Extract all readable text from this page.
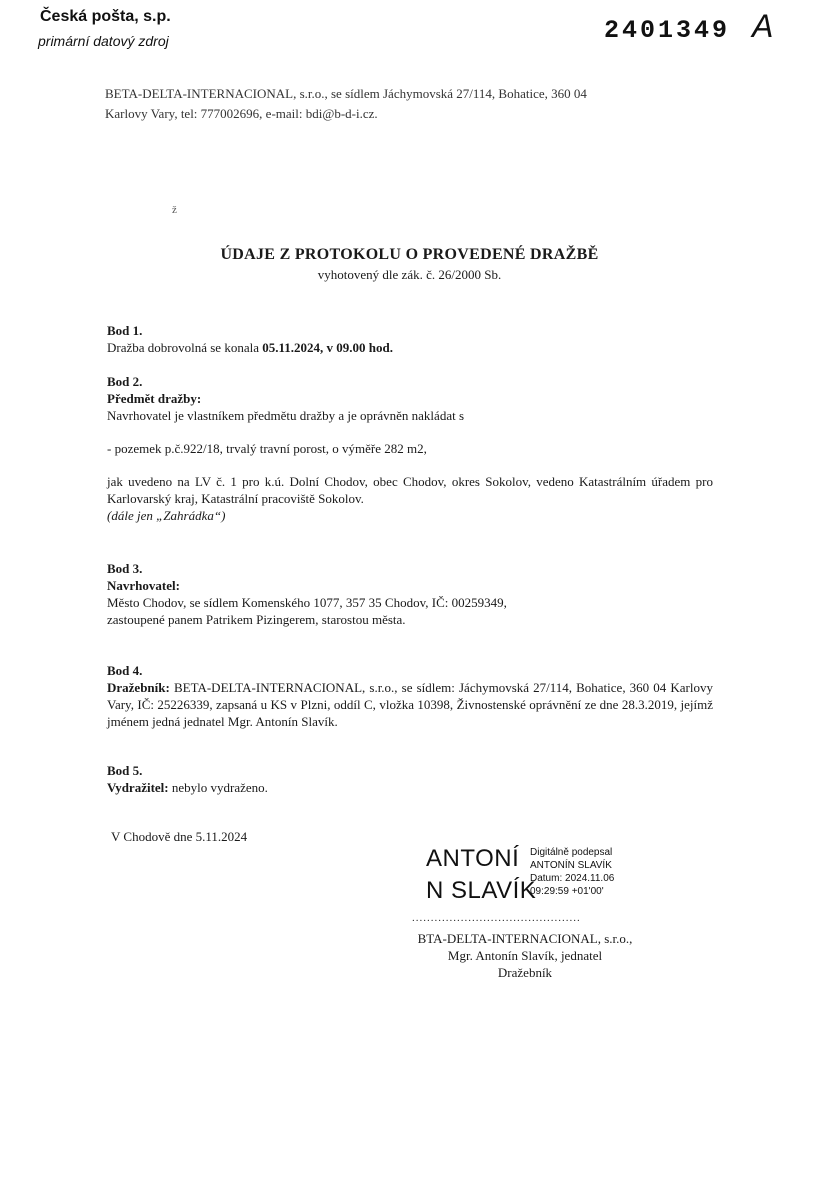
Česká pošta, s.p.
primární datový zdroj	2401349 A
BETA-DELTA-INTERNACIONAL, s.r.o., se sídlem Jáchymovská 27/114, Bohatice, 360 04
Karlovy Vary, tel: 777002696, e-mail: bdi@b-d-i.cz.
ž
ÚDAJE Z PROTOKOLU O PROVEDENÉ DRAŽBĚ
vyhotovený dle zák. č. 26/2000 Sb.
Bod 1.
Dražba dobrovolná se konala 05.11.2024, v 09.00 hod.
Bod 2.
Předmět dražby:
Navrhovatel je vlastníkem předmětu dražby a je oprávněn nakládat s
- pozemek p.č.922/18, trvalý travní porost, o výměře 282 m2,
jak uvedeno na LV č. 1 pro k.ú. Dolní Chodov, obec Chodov, okres Sokolov, vedeno Katastrálním úřadem pro Karlovarský kraj, Katastrální pracoviště Sokolov.
(dále jen „Zahrádka“)
Bod 3.
Navrhovatel:
Město Chodov, se sídlem Komenského 1077, 357 35 Chodov, IČ: 00259349,
zastoupené panem Patrikem Pizingerem, starostou města.
Bod 4.
Dražebník: BETA-DELTA-INTERNACIONAL, s.r.o., se sídlem: Jáchymovská 27/114, Bohatice, 360 04 Karlovy Vary, IČ: 25226339, zapsaná u KS v Plzni, oddíl C, vložka 10398, Živnostenské oprávnění ze dne 28.3.2019, jejímž jménem jedná jednatel Mgr. Antonín Slavík.
Bod 5.
Vydražitel: nebylo vydraženo.
V Chodově dne 5.11.2024
ANTONÍ
N SLAVÍK
Digitálně podepsal
ANTONÍN SLAVÍK
Datum: 2024.11.06
09:29:59 +01'00'
.............................................
BTA-DELTA-INTERNACIONAL, s.r.o.,
Mgr. Antonín Slavík, jednatel
Dražebník
